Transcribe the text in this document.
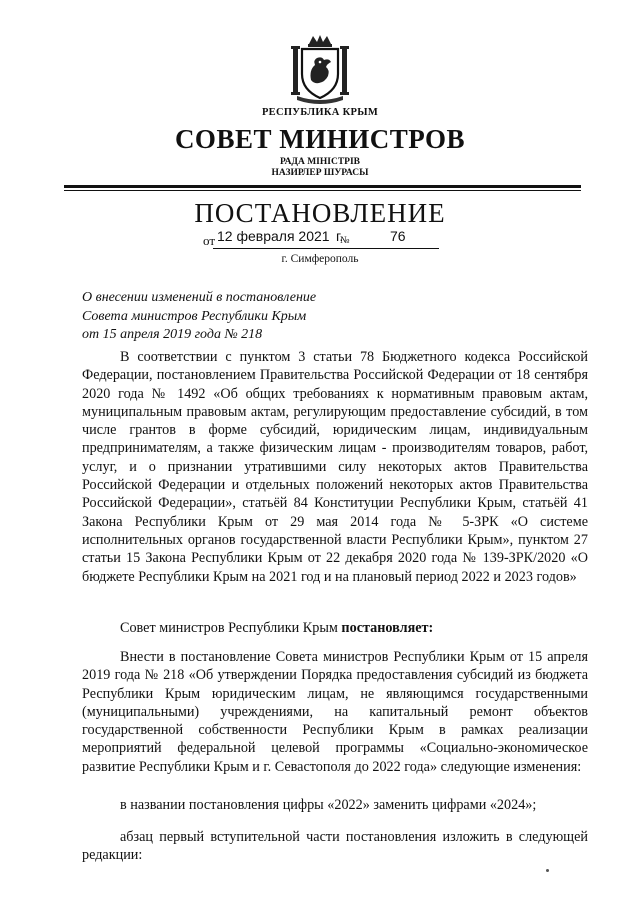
РЕСПУБЛИКА КРЫМ
СОВЕТ МИНИСТРОВ
РАДА МІНІСТРІВ
НАЗИРЛЕР ШУРАСЫ
ПОСТАНОВЛЕНИЕ
от 12 февраля 2021 г.
№	76
г. Симферополь
О внесении изменений в постановление
Совета министров Республики Крым
от 15 апреля 2019 года № 218
В соответствии с пунктом 3 статьи 78 Бюджетного кодекса Российской Федерации, постановлением Правительства Российской Федерации от 18 сентября 2020 года № 1492 «Об общих требованиях к нормативным правовым актам, муниципальным правовым актам, регулирующим предоставление субсидий, в том числе грантов в форме субсидий, юридическим лицам, индивидуальным предпринимателям, а также физическим лицам - производителям товаров, работ, услуг, и о признании утратившими силу некоторых актов Правительства Российской Федерации и отдельных положений некоторых актов Правительства Российской Федерации», статьёй 84 Конституции Республики Крым, статьёй 41 Закона Республики Крым от 29 мая 2014 года № 5-ЗРК «О системе исполнительных органов государственной власти Республики Крым», пунктом 27 статьи 15 Закона Республики Крым от 22 декабря 2020 года № 139-ЗРК/2020 «О бюджете Республики Крым на 2021 год и на плановый период 2022 и 2023 годов»
Совет министров Республики Крым постановляет:
Внести в постановление Совета министров Республики Крым от 15 апреля 2019 года № 218 «Об утверждении Порядка предоставления субсидий из бюджета Республики Крым юридическим лицам, не являющимся государственными (муниципальными) учреждениями, на капитальный ремонт объектов государственной собственности Республики Крым в рамках реализации мероприятий федеральной целевой программы «Социально-экономическое развитие Республики Крым и г. Севастополя до 2022 года» следующие изменения:
в названии постановления цифры «2022» заменить цифрами «2024»;
абзац первый вступительной части постановления изложить в следующей редакции:
